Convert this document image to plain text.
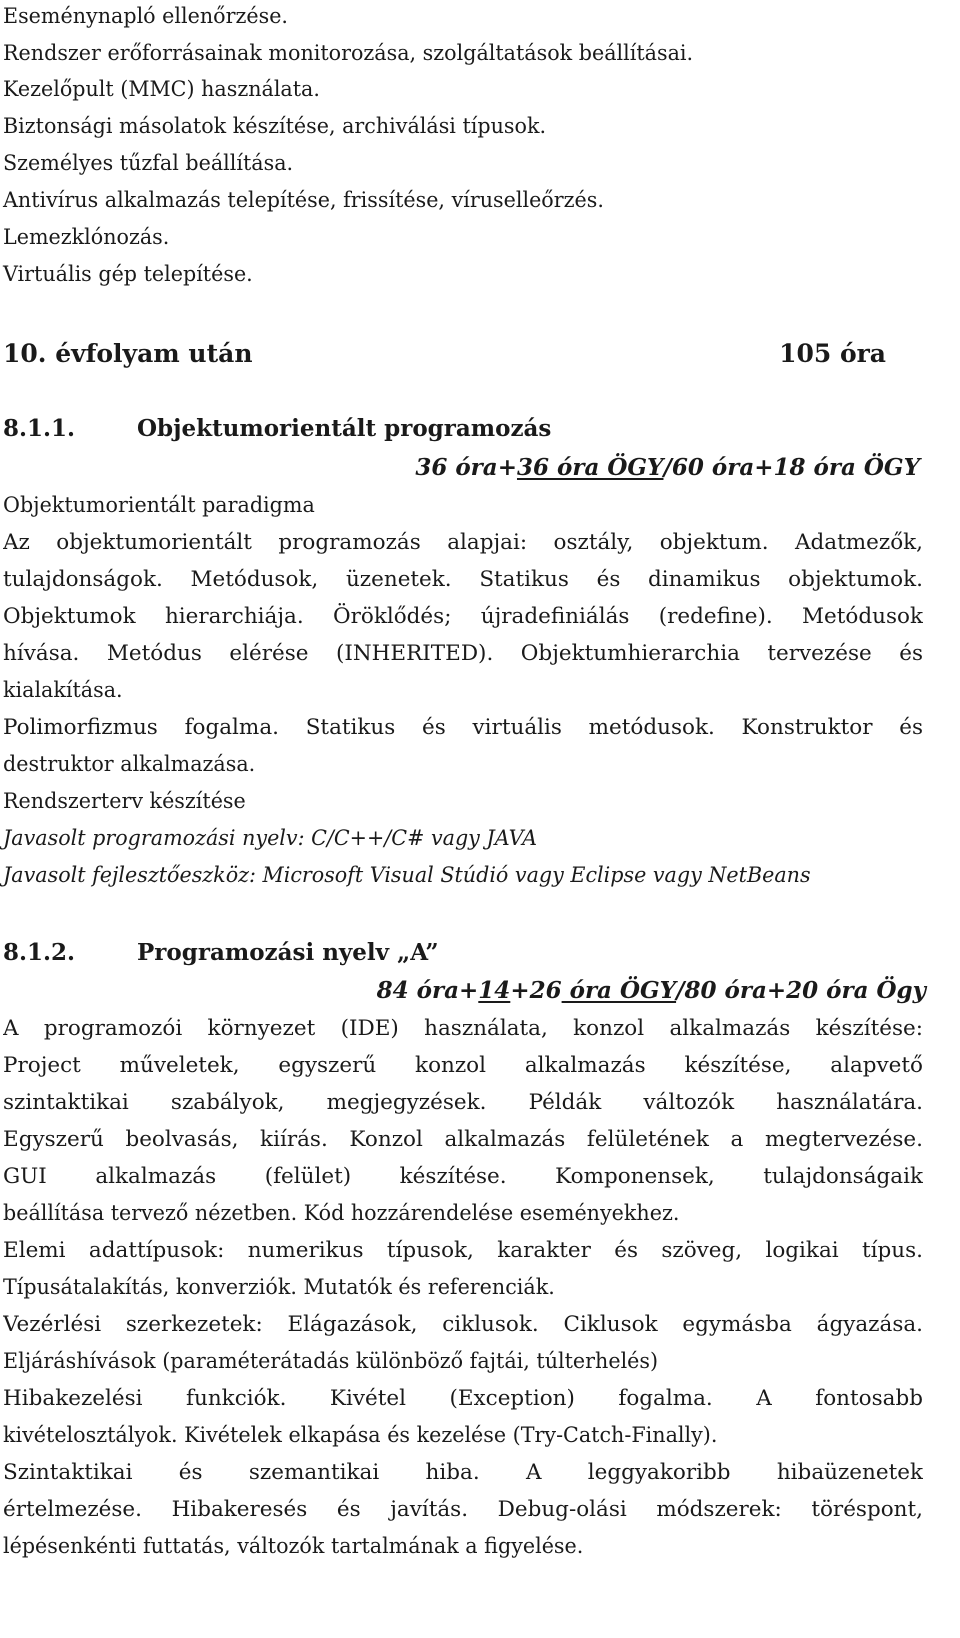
Eseménynapló ellenőrzése.
Rendszer erőforrásainak monitorozása, szolgáltatások beállításai.
Kezelőpult (MMC) használata.
Biztonsági másolatok készítése, archiválási típusok.
Személyes tűzfal beállítása.
Antivírus alkalmazás telepítése, frissítése, víruselleőrzés.
Lemezklónozás.
Virtuális gép telepítése.
10. évfolyam után	105 óra
8.1.1.	Objektumorientált programozás
36 óra+36 óra ÖGY/60 óra+18 óra ÖGY
Objektumorientált paradigma
Az objektumorientált programozás alapjai: osztály, objektum. Adatmezők,
tulajdonságok. Metódusok, üzenetek. Statikus és dinamikus objektumok.
Objektumok hierarchiája. Öröklődés; újradefiniálás (redefine). Metódusok
hívása. Metódus elérése (INHERITED). Objektumhierarchia tervezése és
kialakítása.
Polimorfizmus fogalma. Statikus és virtuális metódusok. Konstruktor és
destruktor alkalmazása.
Rendszerterv készítése
Javasolt programozási nyelv: C/C++/C# vagy JAVA
Javasolt fejlesztőeszköz: Microsoft Visual Stúdió vagy Eclipse vagy NetBeans
8.1.2.	Programozási nyelv „A”
84 óra+14+26 óra ÖGY/80 óra+20 óra Ögy
A programozói környezet (IDE) használata, konzol alkalmazás készítése:
Project műveletek, egyszerű konzol alkalmazás készítése, alapvető
szintaktikai szabályok, megjegyzések. Példák változók használatára.
Egyszerű beolvasás, kiírás. Konzol alkalmazás felületének a megtervezése.
GUI alkalmazás (felület) készítése. Komponensek, tulajdonságaik
beállítása tervező nézetben. Kód hozzárendelése eseményekhez.
Elemi adattípusok: numerikus típusok, karakter és szöveg, logikai típus.
Típusátalakítás, konverziók. Mutatók és referenciák.
Vezérlési szerkezetek: Elágazások, ciklusok. Ciklusok egymásba ágyazása.
Eljáráshívások (paraméterátadás különböző fajtái, túlterhelés)
Hibakezelési funkciók. Kivétel (Exception) fogalma. A fontosabb
kivételosztályok. Kivételek elkapása és kezelése (Try-Catch-Finally).
Szintaktikai és szemantikai hiba. A leggyakoribb hibaüzenetek
értelmezése. Hibakeresés és javítás. Debug-olási módszerek: töréspont,
lépésenkénti futtatás, változók tartalmának a figyelése.
